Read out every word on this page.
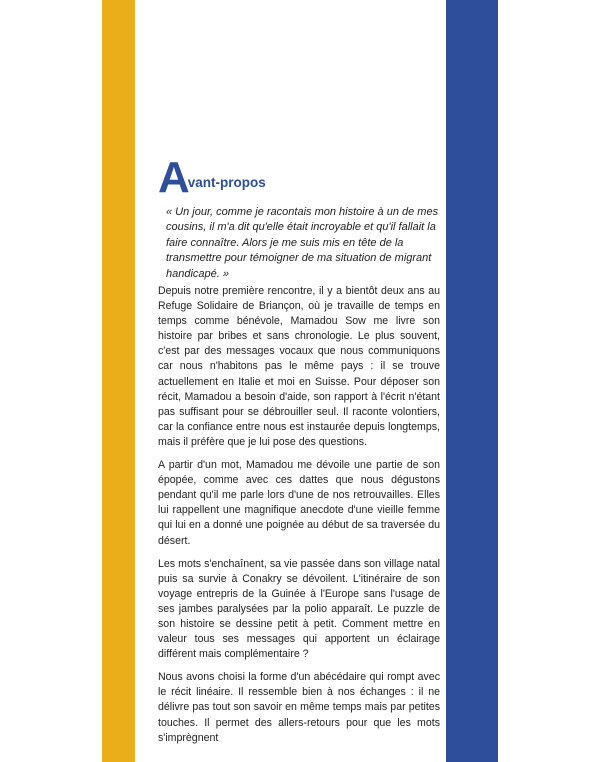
A
vant-propos

« Un jour, comme je racontais mon histoire à un de mes cousins, il m'a dit qu'elle était incroyable et qu'il fallait la faire connaître. Alors je me suis mis en tête de la transmettre pour témoigner de ma situation de migrant handicapé. »

Depuis notre première rencontre, il y a bientôt deux ans au Refuge Solidaire de Briançon, où je travaille de temps en temps comme bénévole, Mamadou Sow me livre son histoire par bribes et sans chronologie. Le plus souvent, c'est par des messages vocaux que nous communiquons car nous n'habitons pas le même pays : il se trouve actuellement en Italie et moi en Suisse. Pour déposer son récit, Mamadou a besoin d'aide, son rapport à l'écrit n'étant pas suffisant pour se débrouiller seul. Il raconte volontiers, car la confiance entre nous est instaurée depuis longtemps, mais il préfère que je lui pose des questions.

A partir d'un mot, Mamadou me dévoile une partie de son épopée, comme avec ces dattes que nous dégustons pendant qu'il me parle lors d'une de nos retrouvailles. Elles lui rappellent une magnifique anecdote d'une vieille femme qui lui en a donné une poignée au début de sa traversée du désert.

Les mots s'enchaînent, sa vie passée dans son village natal puis sa survie à Conakry se dévoilent. L'itinéraire de son voyage entrepris de la Guinée à l'Europe sans l'usage de ses jambes paralysées par la polio apparaît. Le puzzle de son histoire se dessine petit à petit. Comment mettre en valeur tous ses messages qui apportent un éclairage différent mais complémentaire ?

Nous avons choisi la forme d'un abécédaire qui rompt avec le récit linéaire. Il ressemble bien à nos échanges : il ne délivre pas tout son savoir en même temps mais par petites touches. Il permet des allers-retours pour que les mots s'imprègnent
